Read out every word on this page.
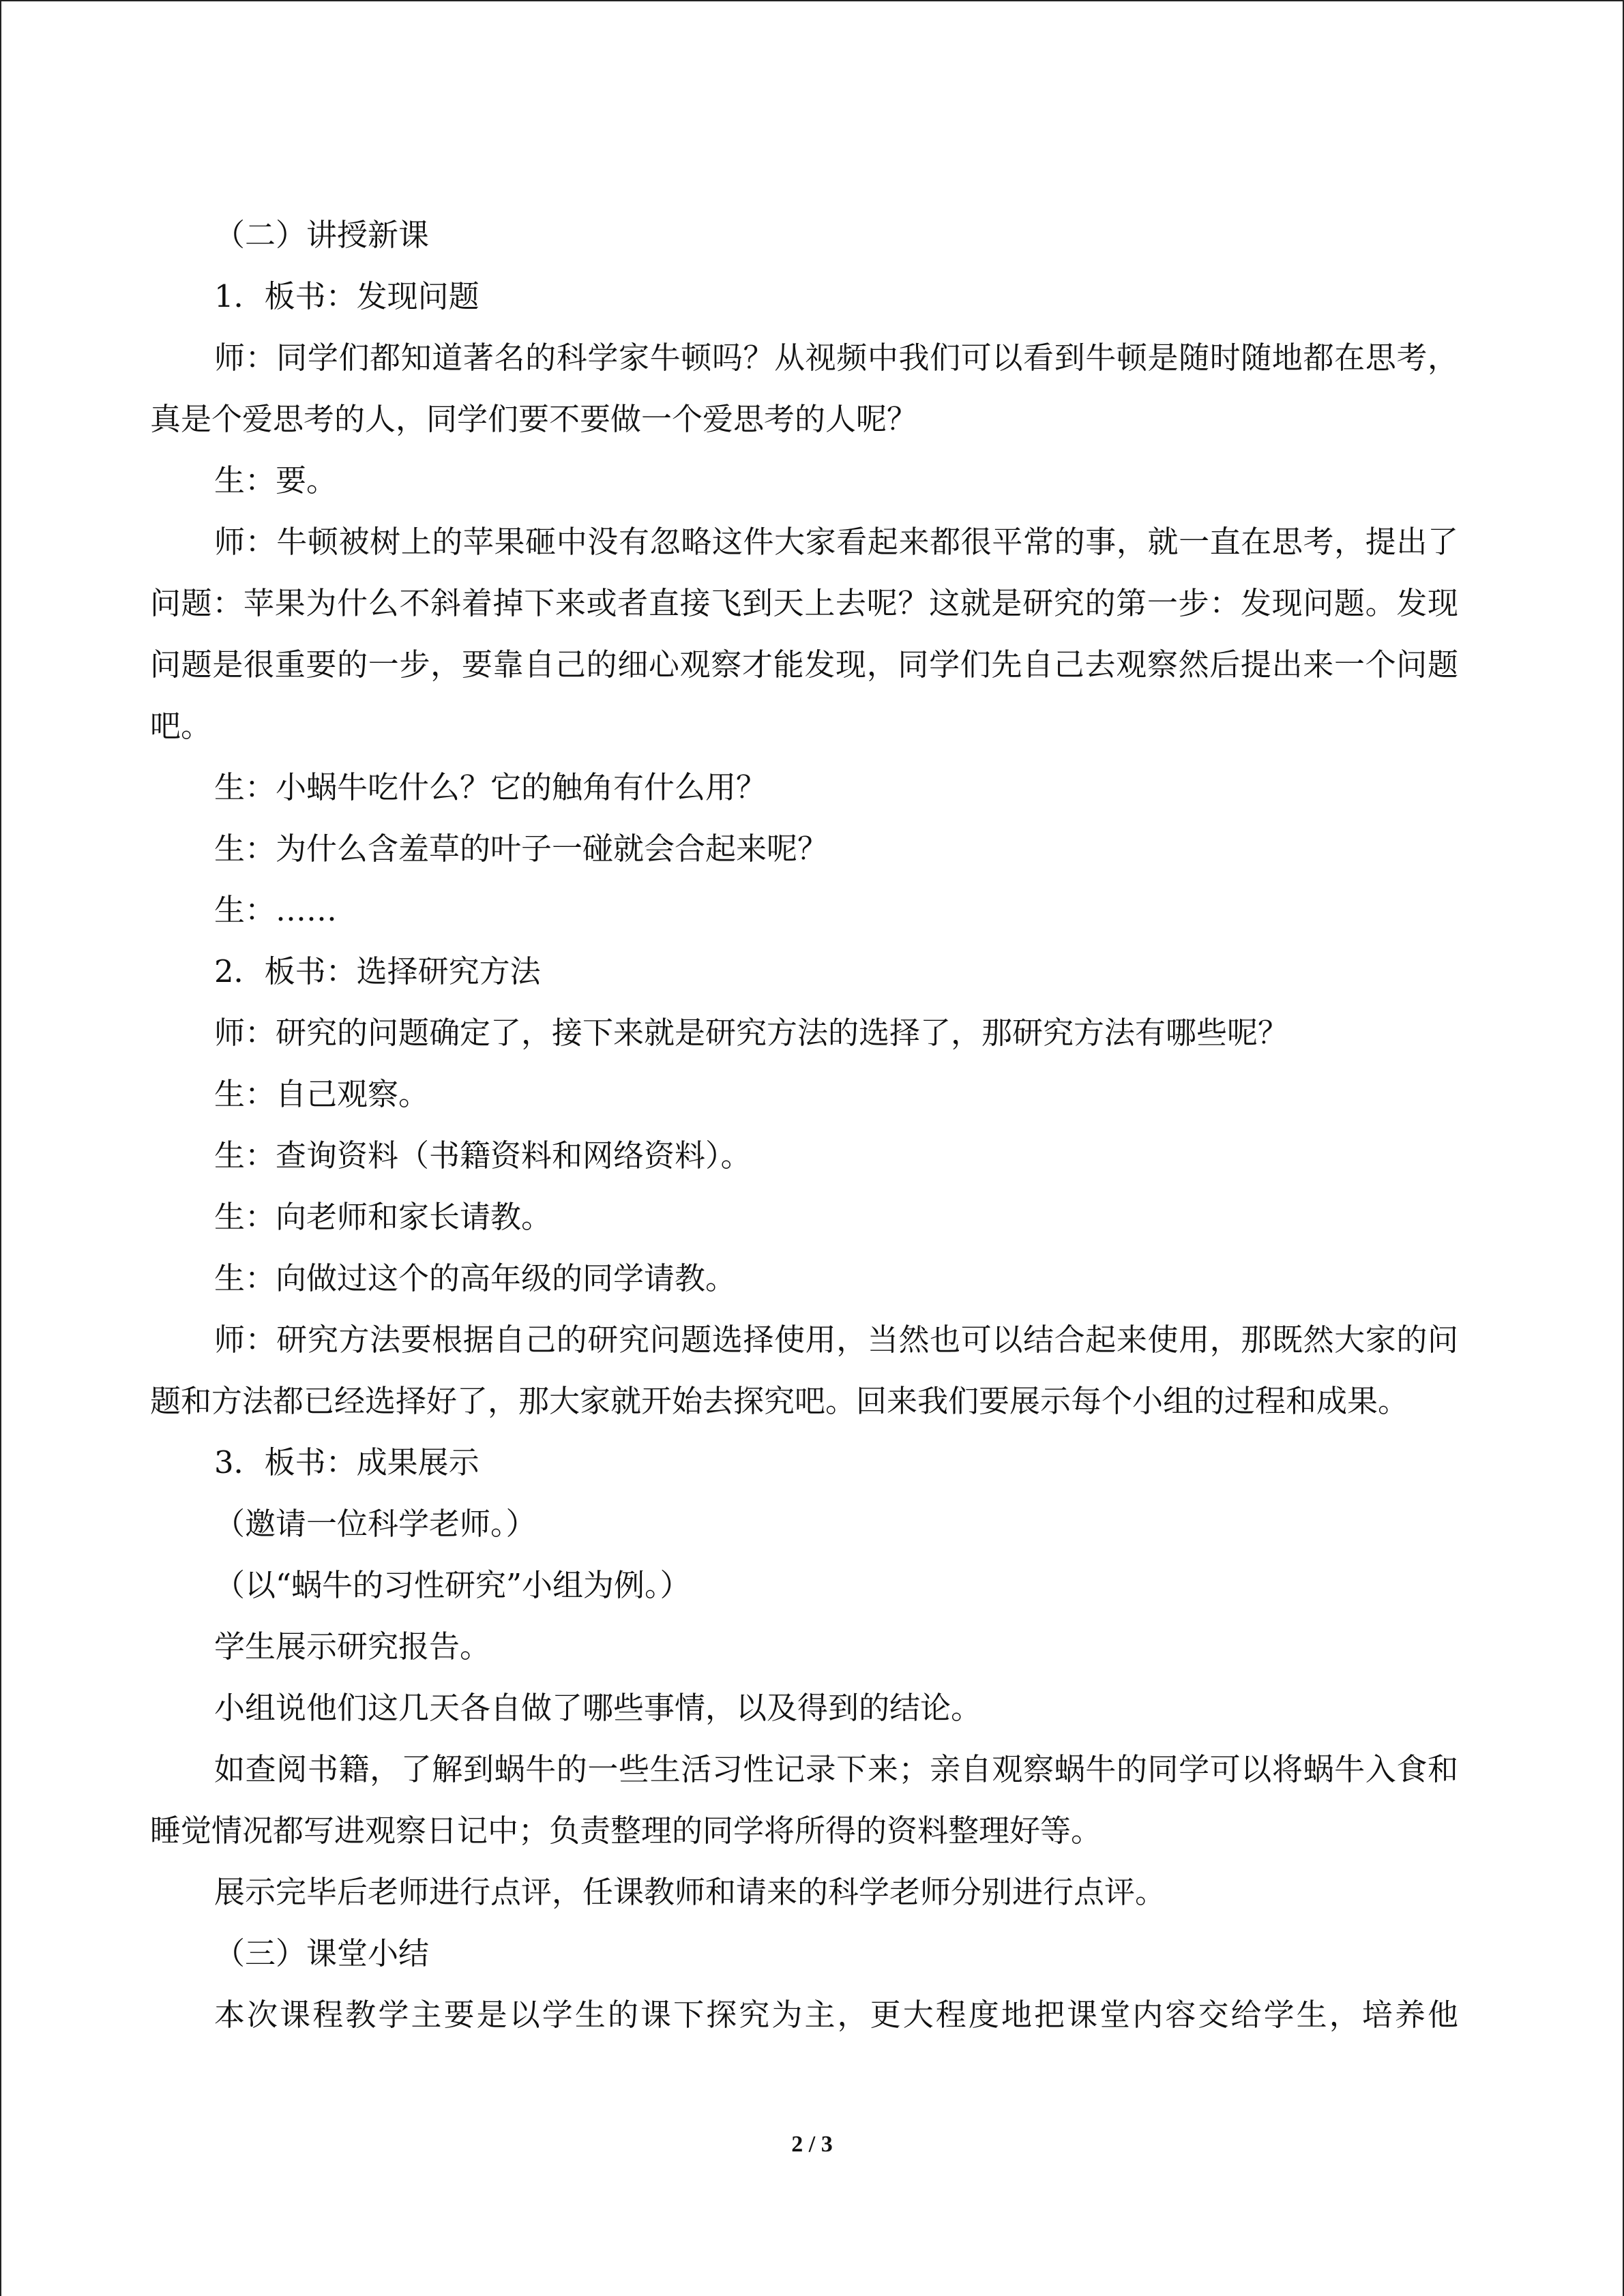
（二）讲授新课

1．板书：发现问题

师：同学们都知道著名的科学家牛顿吗？从视频中我们可以看到牛顿是随时随地都在思考，真是个爱思考的人，同学们要不要做一个爱思考的人呢？

生：要。

师：牛顿被树上的苹果砸中没有忽略这件大家看起来都很平常的事，就一直在思考，提出了问题：苹果为什么不斜着掉下来或者直接飞到天上去呢？这就是研究的第一步：发现问题。发现问题是很重要的一步，要靠自己的细心观察才能发现，同学们先自己去观察然后提出来一个问题吧。

生：小蜗牛吃什么？它的触角有什么用？

生：为什么含羞草的叶子一碰就会合起来呢？

生：……

2．板书：选择研究方法

师：研究的问题确定了，接下来就是研究方法的选择了，那研究方法有哪些呢？

生：自己观察。

生：查询资料（书籍资料和网络资料）。

生：向老师和家长请教。

生：向做过这个的高年级的同学请教。

师：研究方法要根据自己的研究问题选择使用，当然也可以结合起来使用，那既然大家的问题和方法都已经选择好了，那大家就开始去探究吧。回来我们要展示每个小组的过程和成果。

3．板书：成果展示

（邀请一位科学老师。）

（以“蜗牛的习性研究”小组为例。）

学生展示研究报告。

小组说他们这几天各自做了哪些事情，以及得到的结论。

如查阅书籍，了解到蜗牛的一些生活习性记录下来；亲自观察蜗牛的同学可以将蜗牛入食和睡觉情况都写进观察日记中；负责整理的同学将所得的资料整理好等。

展示完毕后老师进行点评，任课教师和请来的科学老师分别进行点评。

（三）课堂小结

本次课程教学主要是以学生的课下探究为主，更大程度地把课堂内容交给学生，培养他

2 / 3
